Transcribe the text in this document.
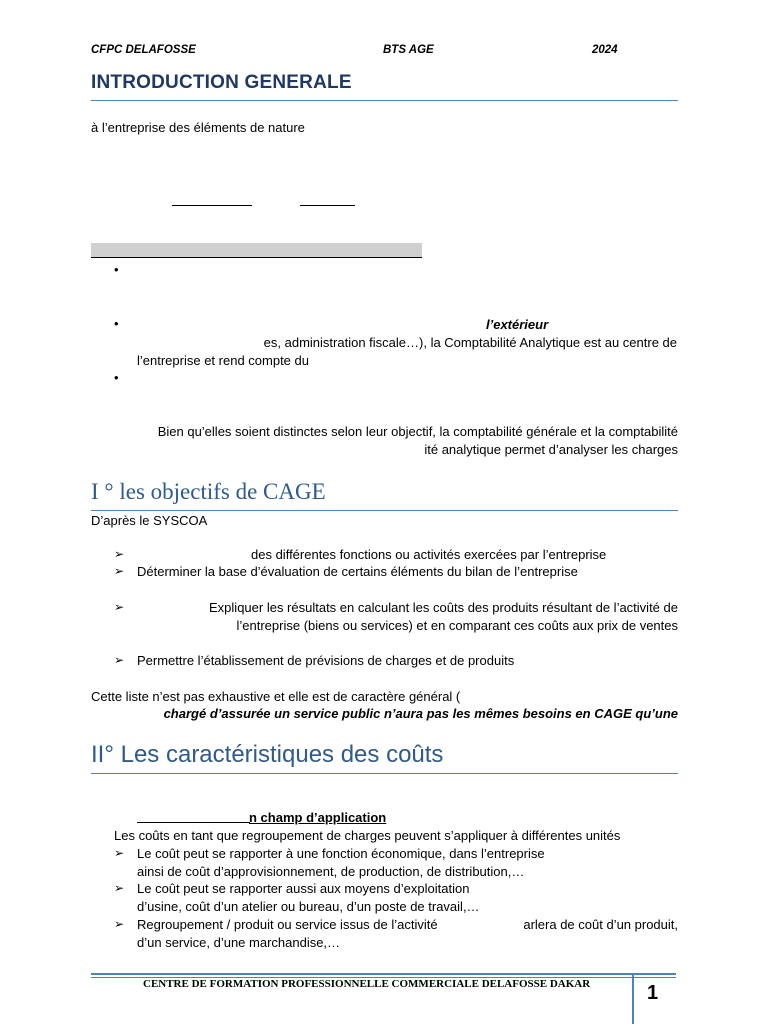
CFPC DELAFOSSE	BTS AGE	2024
INTRODUCTION GENERALE
à l’entreprise des éléments de nature
•
•	l’extérieur
es, administration fiscale…), la Comptabilité Analytique est au centre de
l’entreprise et rend compte du
•
Bien qu’elles soient distinctes selon leur objectif, la comptabilité générale et la comptabilité
ité analytique permet d’analyser les charges
I ° les objectifs de CAGE
D’après le SYSCOA
➢	des différentes fonctions ou activités exercées par l’entreprise
➢ Déterminer la base d’évaluation de certains éléments du bilan de l’entreprise
➢	Expliquer les résultats en calculant les coûts des produits résultant de l’activité de
l’entreprise (biens ou services) et en comparant ces coûts aux prix de ventes
➢ Permettre l’établissement de prévisions de charges et de produits
Cette liste n’est pas exhaustive et elle est de caractère général (
chargé d’assurée un service public n’aura pas les mêmes besoins en CAGE qu’une
II° Les caractéristiques des coûts
n champ d’application
Les coûts en tant que regroupement de charges peuvent s’appliquer à différentes unités
➢ Le coût peut se rapporter à une fonction économique, dans l’entreprise
ainsi de coût d’approvisionnement, de production, de distribution,…
➢ Le coût peut se rapporter aussi aux moyens d’exploitation
d’usine, coût d’un atelier ou bureau, d’un poste de travail,…
➢ Regroupement / produit ou service issus de l’activité	arlera de coût d’un produit,
d’un service, d’une marchandise,…
CENTRE DE FORMATION PROFESSIONNELLE COMMERCIALE DELAFOSSE DAKAR	1
